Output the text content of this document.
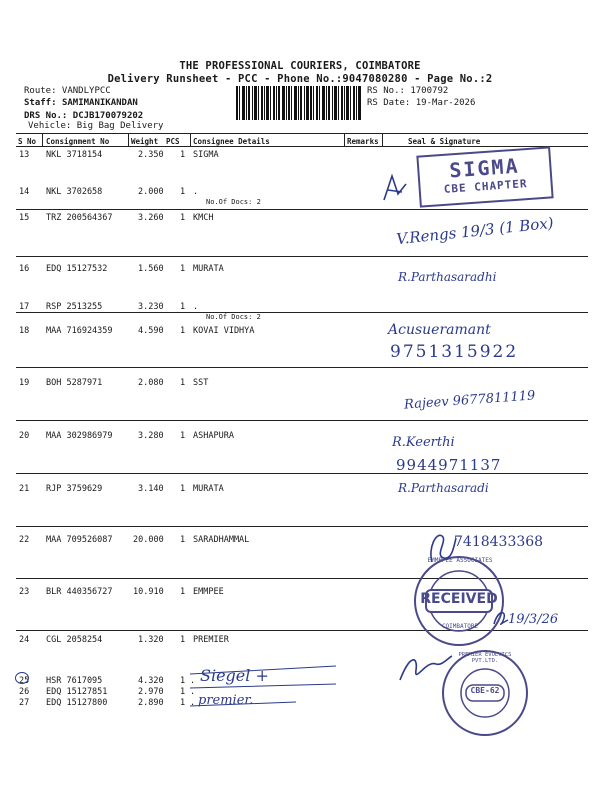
THE PROFESSIONAL COURIERS, COIMBATORE
Delivery Runsheet - PCC - Phone No.:9047080280 - Page No.:2
Route: VANDLYPCC
Staff: SAMIMANIKANDAN
DRS No.: DCJB170079202
Vehicle: Big Bag Delivery
RS No.: 1700792
RS Date: 19-Mar-2026
S No Consignment No	Weight PCS Consignee Details	Remarks	Seal & Signature
13 NKL 3718154	2.350 1 SIGMA
14 NKL 3702658	2.000 1 .
No.Of Docs: 2
15 TRZ 200564367	3.260 1 KMCH
16 EDQ 15127532	1.560 1 MURATA
17 RSP 2513255	3.230 1 .
No.Of Docs: 2
18 MAA 716924359	4.590 1 KOVAI VIDHYA
19 BOH 5287971	2.080 1 SST
20 MAA 302986979	3.280 1 ASHAPURA
21 RJP 3759629	3.140 1 MURATA
22 MAA 709526087 20.000 1 SARADHAMMAL
23 BLR 440356727 10.910 1 EMMPEE
24 CGL 2058254	1.320 1 PREMIER
25 HSR 7617095	4.320 1 .
26 EDQ 15127851	2.970 1 .
27 EDQ 15127800	2.890 1 .
SIGMA
CBE CHAPTER
RECEIVED
EMMPPEE ASSOCIATES
COIMBATORE
CBE-62
PREMIER EVOLVICS PVT.LTD.
V.Rengs 19/3 (1 Box)
R.Parthasaradhi
Acusueramant
9751315922
Rajeev 9677811119
R.Keerthi
9944971137
R.Parthasaradi
7418433368
19/3/26
Siegel +
premier.
